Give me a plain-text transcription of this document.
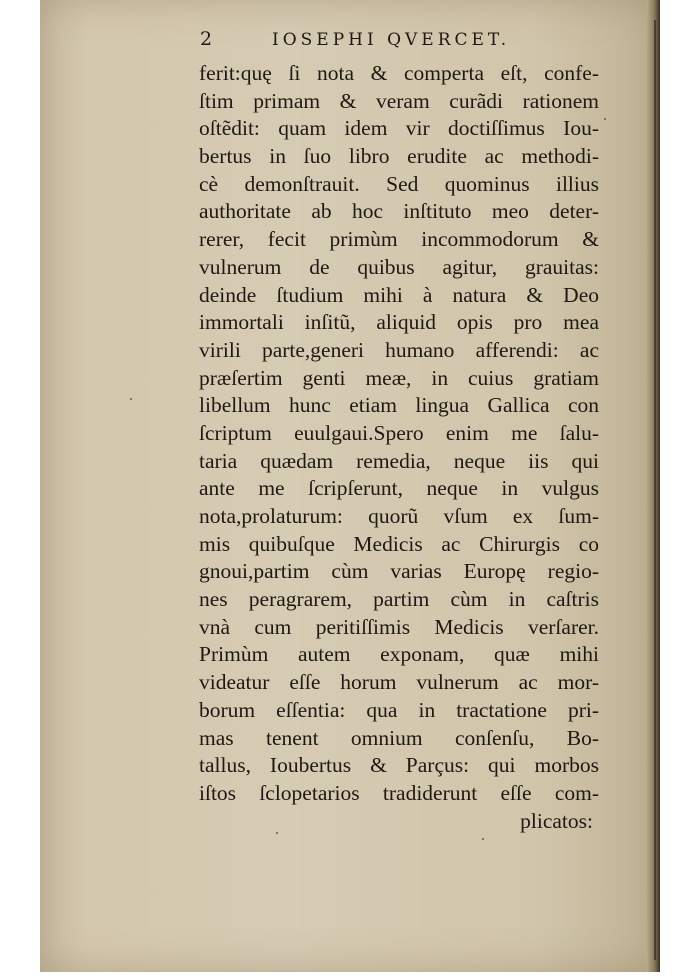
2	IOSEPHI QVERCET.
ferit:quę ſi nota & comperta eſt, confe-
ſtim primam & veram curãdi rationem
oſtẽdit: quam idem vir doctiſſimus Iou-
bertus in ſuo libro erudite ac methodi-
cè demonſtrauit. Sed quominus illius
authoritate ab hoc inſtituto meo deter-
rerer, fecit primùm incommodorum &
vulnerum de quibus agitur, grauitas:
deinde ſtudium mihi à natura & Deo
immortali inſitũ, aliquid opis pro mea
virili parte,generi humano afferendi: ac
præſertim genti meæ, in cuius gratiam
libellum hunc etiam lingua Gallica con
ſcriptum euulgaui.Spero enim me ſalu-
taria quædam remedia, neque iis qui
ante me ſcripſerunt, neque in vulgus
nota,prolaturum: quorũ vſum ex ſum-
mis quibuſque Medicis ac Chirurgis co
gnoui,partim cùm varias Europę regio-
nes peragrarem, partim cùm in caſtris
vnà cum peritiſſimis Medicis verſarer.
Primùm autem exponam, quæ mihi
videatur eſſe horum vulnerum ac mor-
borum eſſentia: qua in tractatione pri-
mas tenent omnium conſenſu, Bo-
tallus, Ioubertus & Parçus: qui morbos
iſtos ſclopetarios tradiderunt eſſe com-
plicatos:
